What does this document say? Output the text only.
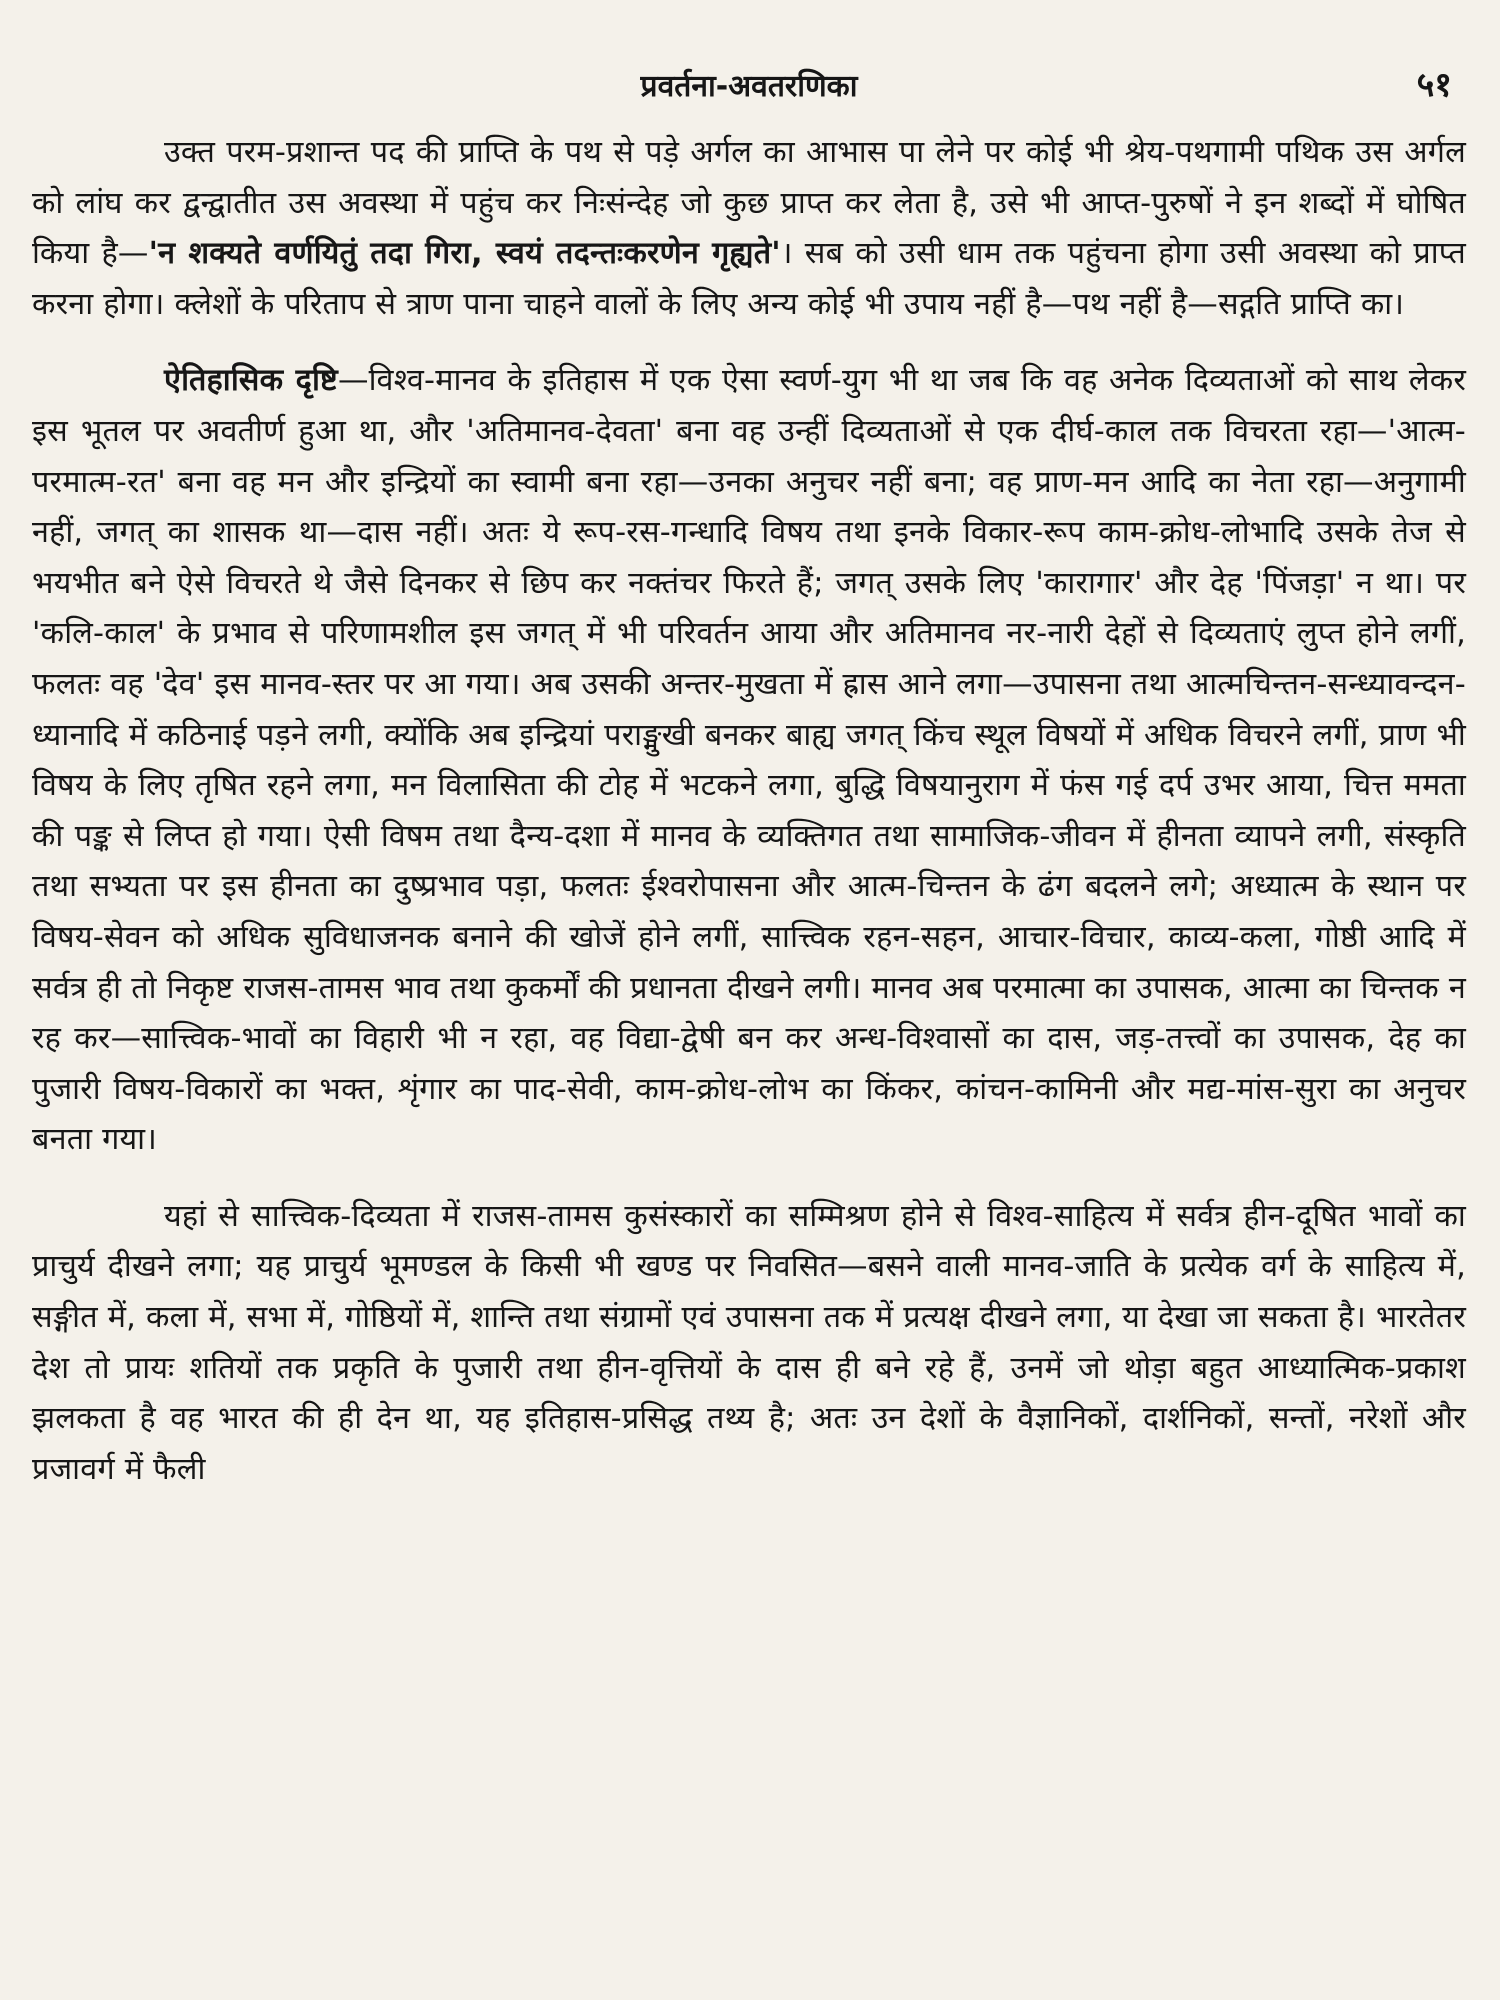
प्रवर्तना-अवतरणिका	५१

उक्त परम-प्रशान्त पद की प्राप्ति के पथ से पड़े अर्गल का आभास पा लेने पर कोई भी श्रेय-पथगामी पथिक उस अर्गल को लांघ कर द्वन्द्वातीत उस अवस्था में पहुंच कर निःसंन्देह जो कुछ प्राप्त कर लेता है, उसे भी आप्त-पुरुषों ने इन शब्दों में घोषित किया है—'न शक्यते वर्णयितुं तदा गिरा, स्वयं तदन्तःकरणेन गृह्यते'। सब को उसी धाम तक पहुंचना होगा उसी अवस्था को प्राप्त करना होगा। क्लेशों के परिताप से त्राण पाना चाहने वालों के लिए अन्य कोई भी उपाय नहीं है—पथ नहीं है—सद्गति प्राप्ति का।

ऐतिहासिक दृष्टि—विश्व-मानव के इतिहास में एक ऐसा स्वर्ण-युग भी था जब कि वह अनेक दिव्यताओं को साथ लेकर इस भूतल पर अवतीर्ण हुआ था, और 'अतिमानव-देवता' बना वह उन्हीं दिव्यताओं से एक दीर्घ-काल तक विचरता रहा—'आत्म-परमात्म-रत' बना वह मन और इन्द्रियों का स्वामी बना रहा—उनका अनुचर नहीं बना; वह प्राण-मन आदि का नेता रहा—अनुगामी नहीं, जगत् का शासक था—दास नहीं। अतः ये रूप-रस-गन्धादि विषय तथा इनके विकार-रूप काम-क्रोध-लोभादि उसके तेज से भयभीत बने ऐसे विचरते थे जैसे दिनकर से छिप कर नक्तंचर फिरते हैं; जगत् उसके लिए 'कारागार' और देह 'पिंजड़ा' न था। पर 'कलि-काल' के प्रभाव से परिणामशील इस जगत् में भी परिवर्तन आया और अतिमानव नर-नारी देहों से दिव्यताएं लुप्त होने लगीं, फलतः वह 'देव' इस मानव-स्तर पर आ गया। अब उसकी अन्तर-मुखता में ह्रास आने लगा—उपासना तथा आत्मचिन्तन-सन्ध्यावन्दन-ध्यानादि में कठिनाई पड़ने लगी, क्योंकि अब इन्द्रियां पराङ्मुखी बनकर बाह्य जगत् किंच स्थूल विषयों में अधिक विचरने लगीं, प्राण भी विषय के लिए तृषित रहने लगा, मन विलासिता की टोह में भटकने लगा, बुद्धि विषयानुराग में फंस गई दर्प उभर आया, चित्त ममता की पङ्क से लिप्त हो गया। ऐसी विषम तथा दैन्य-दशा में मानव के व्यक्तिगत तथा सामाजिक-जीवन में हीनता व्यापने लगी, संस्कृति तथा सभ्यता पर इस हीनता का दुष्प्रभाव पड़ा, फलतः ईश्वरोपासना और आत्म-चिन्तन के ढंग बदलने लगे; अध्यात्म के स्थान पर विषय-सेवन को अधिक सुविधाजनक बनाने की खोजें होने लगीं, सात्त्विक रहन-सहन, आचार-विचार, काव्य-कला, गोष्ठी आदि में सर्वत्र ही तो निकृष्ट राजस-तामस भाव तथा कुकर्मों की प्रधानता दीखने लगी। मानव अब परमात्मा का उपासक, आत्मा का चिन्तक न रह कर—सात्त्विक-भावों का विहारी भी न रहा, वह विद्या-द्वेषी बन कर अन्ध-विश्वासों का दास, जड़-तत्त्वों का उपासक, देह का पुजारी विषय-विकारों का भक्त, शृंगार का पाद-सेवी, काम-क्रोध-लोभ का किंकर, कांचन-कामिनी और मद्य-मांस-सुरा का अनुचर बनता गया।

यहां से सात्त्विक-दिव्यता में राजस-तामस कुसंस्कारों का सम्मिश्रण होने से विश्व-साहित्य में सर्वत्र हीन-दूषित भावों का प्राचुर्य दीखने लगा; यह प्राचुर्य भूमण्डल के किसी भी खण्ड पर निवसित—बसने वाली मानव-जाति के प्रत्येक वर्ग के साहित्य में, सङ्गीत में, कला में, सभा में, गोष्ठियों में, शान्ति तथा संग्रामों एवं उपासना तक में प्रत्यक्ष दीखने लगा, या देखा जा सकता है। भारतेतर देश तो प्रायः शतियों तक प्रकृति के पुजारी तथा हीन-वृत्तियों के दास ही बने रहे हैं, उनमें जो थोड़ा बहुत आध्यात्मिक-प्रकाश झलकता है वह भारत की ही देन था, यह इतिहास-प्रसिद्ध तथ्य है; अतः उन देशों के वैज्ञानिकों, दार्शनिकों, सन्तों, नरेशों और प्रजावर्ग में फैली
